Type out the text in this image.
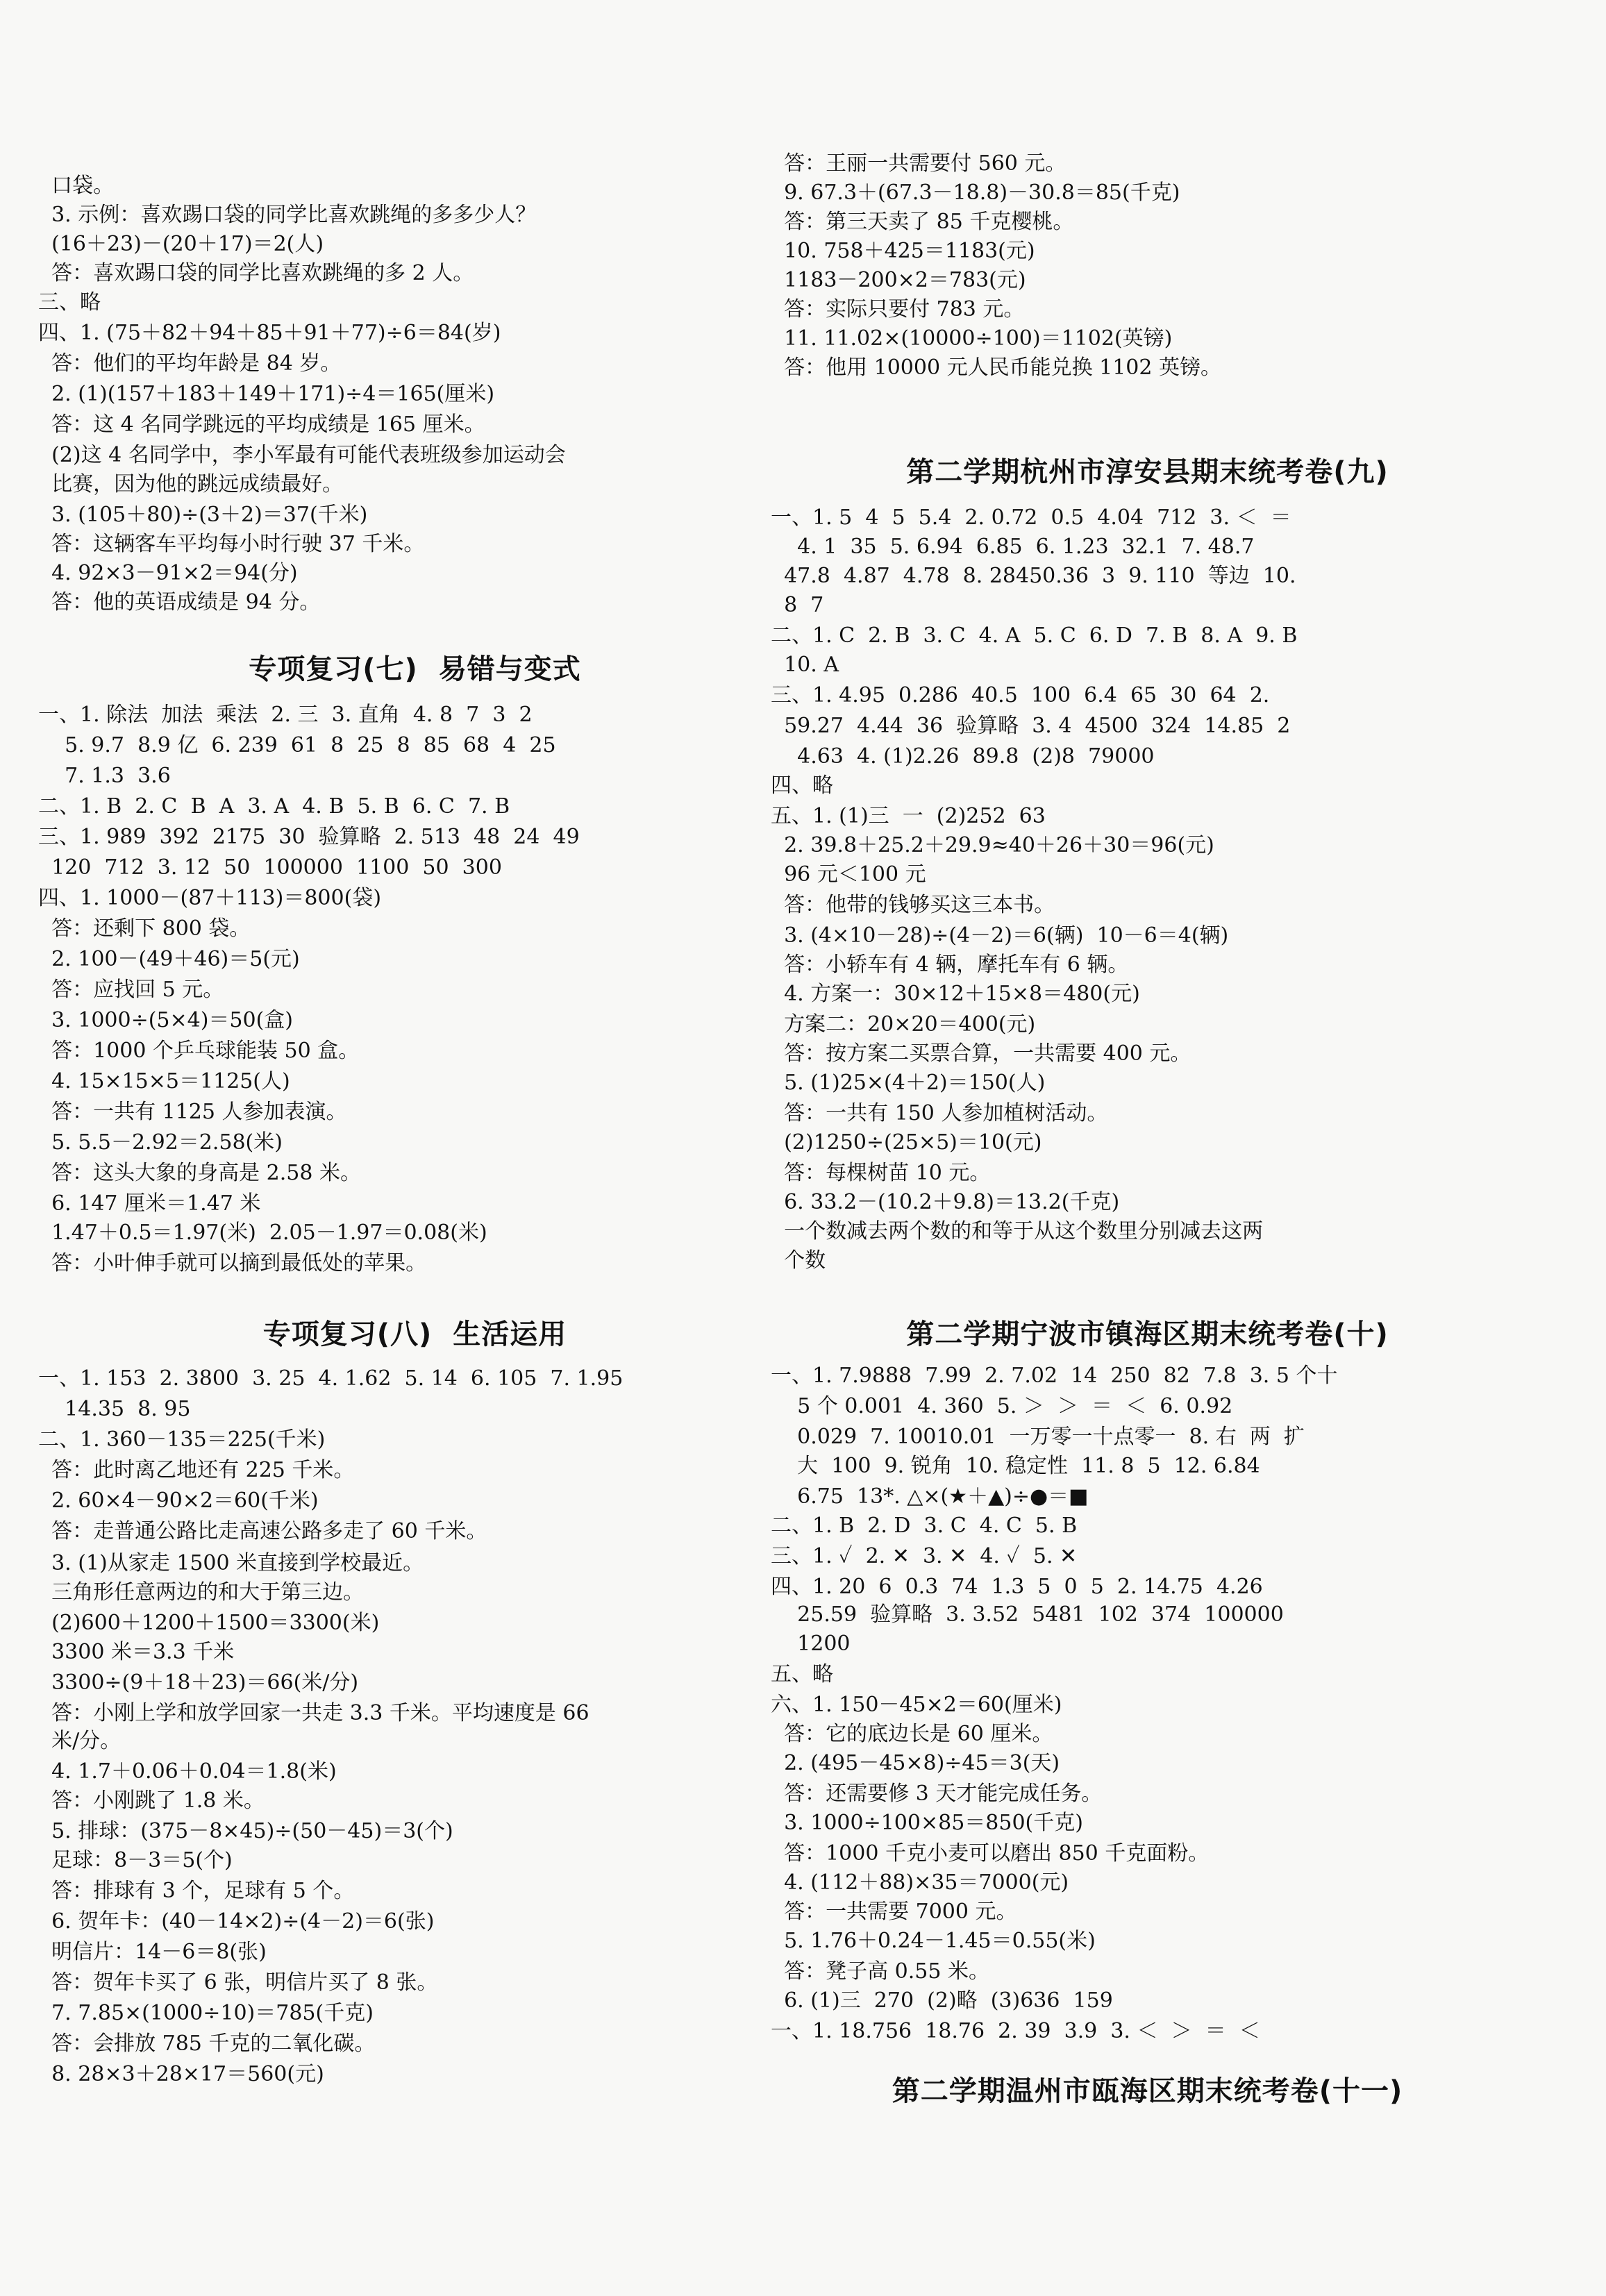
口袋。
3. 示例：喜欢踢口袋的同学比喜欢跳绳的多多少人？
(16＋23)－(20＋17)＝2(人)
答：喜欢踢口袋的同学比喜欢跳绳的多 2 人。
三、略
四、1. (75＋82＋94＋85＋91＋77)÷6＝84(岁)
答：他们的平均年龄是 84 岁。
2. (1)(157＋183＋149＋171)÷4＝165(厘米)
答：这 4 名同学跳远的平均成绩是 165 厘米。
(2)这 4 名同学中，李小军最有可能代表班级参加运动会
比赛，因为他的跳远成绩最好。
3. (105＋80)÷(3＋2)＝37(千米)
答：这辆客车平均每小时行驶 37 千米。
4. 92×3－91×2＝94(分)
答：他的英语成绩是 94 分。
一、1. 除法  加法  乘法  2. 三  3. 直角  4. 8  7  3  2
5. 9.7  8.9 亿  6. 239  61  8  25  8  85  68  4  25
7. 1.3  3.6
二、1. B  2. C  B  A  3. A  4. B  5. B  6. C  7. B
三、1. 989  392  2175  30  验算略  2. 513  48  24  49
120  712  3. 12  50  100000  1100  50  300
四、1. 1000－(87＋113)＝800(袋)
答：还剩下 800 袋。
2. 100－(49＋46)＝5(元)
答：应找回 5 元。
3. 1000÷(5×4)＝50(盒)
答：1000 个乒乓球能装 50 盒。
4. 15×15×5＝1125(人)
答：一共有 1125 人参加表演。
5. 5.5－2.92＝2.58(米)
答：这头大象的身高是 2.58 米。
6. 147 厘米＝1.47 米
1.47＋0.5＝1.97(米)  2.05－1.97＝0.08(米)
答：小叶伸手就可以摘到最低处的苹果。
一、1. 153  2. 3800  3. 25  4. 1.62  5. 14  6. 105  7. 1.95
14.35  8. 95
二、1. 360－135＝225(千米)
答：此时离乙地还有 225 千米。
2. 60×4－90×2＝60(千米)
答：走普通公路比走高速公路多走了 60 千米。
3. (1)从家走 1500 米直接到学校最近。
三角形任意两边的和大于第三边。
(2)600＋1200＋1500＝3300(米)
3300 米＝3.3 千米
3300÷(9＋18＋23)＝66(米/分)
答：小刚上学和放学回家一共走 3.3 千米。平均速度是 66
米/分。
4. 1.7＋0.06＋0.04＝1.8(米)
答：小刚跳了 1.8 米。
5. 排球：(375－8×45)÷(50－45)＝3(个)
足球：8－3＝5(个)
答：排球有 3 个，足球有 5 个。
6. 贺年卡：(40－14×2)÷(4－2)＝6(张)
明信片：14－6＝8(张)
答：贺年卡买了 6 张，明信片买了 8 张。
7. 7.85×(1000÷10)＝785(千克)
答：会排放 785 千克的二氧化碳。
8. 28×3＋28×17＝560(元)
专项复习(七)  易错与变式
专项复习(八)  生活运用
答：王丽一共需要付 560 元。
9. 67.3＋(67.3－18.8)－30.8＝85(千克)
答：第三天卖了 85 千克樱桃。
10. 758＋425＝1183(元)
1183－200×2＝783(元)
答：实际只要付 783 元。
11. 11.02×(10000÷100)＝1102(英镑)
答：他用 10000 元人民币能兑换 1102 英镑。
一、1. 5  4  5  5.4  2. 0.72  0.5  4.04  712  3. ＜  ＝
4. 1  35  5. 6.94  6.85  6. 1.23  32.1  7. 48.7
47.8  4.87  4.78  8. 28450.36  3  9. 110  等边  10.
8  7
二、1. C  2. B  3. C  4. A  5. C  6. D  7. B  8. A  9. B
10. A
三、1. 4.95  0.286  40.5  100  6.4  65  30  64  2.
59.27  4.44  36  验算略  3. 4  4500  324  14.85  2
4.63  4. (1)2.26  89.8  (2)8  79000
四、略
五、1. (1)三  一  (2)252  63
2. 39.8＋25.2＋29.9≈40＋26＋30＝96(元)
96 元＜100 元
答：他带的钱够买这三本书。
3. (4×10－28)÷(4－2)＝6(辆)  10－6＝4(辆)
答：小轿车有 4 辆，摩托车有 6 辆。
4. 方案一：30×12＋15×8＝480(元)
方案二：20×20＝400(元)
答：按方案二买票合算，一共需要 400 元。
5. (1)25×(4＋2)＝150(人)
答：一共有 150 人参加植树活动。
(2)1250÷(25×5)＝10(元)
答：每棵树苗 10 元。
6. 33.2－(10.2＋9.8)＝13.2(千克)
一个数减去两个数的和等于从这个数里分别减去这两
个数
一、1. 7.9888  7.99  2. 7.02  14  250  82  7.8  3. 5 个十
5 个 0.001  4. 360  5. ＞  ＞  ＝  ＜  6. 0.92
0.029  7. 10010.01  一万零一十点零一  8. 右  两  扩
大  100  9. 锐角  10. 稳定性  11. 8  5  12. 6.84
6.75  13*. △×(★＋▲)÷●＝■
二、1. B  2. D  3. C  4. C  5. B
三、1. ✓  2. ✕  3. ✕  4. ✓  5. ✕
四、1. 20  6  0.3  74  1.3  5  0  5  2. 14.75  4.26
25.59  验算略  3. 3.52  5481  102  374  100000
1200
五、略
六、1. 150－45×2＝60(厘米)
答：它的底边长是 60 厘米。
2. (495－45×8)÷45＝3(天)
答：还需要修 3 天才能完成任务。
3. 1000÷100×85＝850(千克)
答：1000 千克小麦可以磨出 850 千克面粉。
4. (112＋88)×35＝7000(元)
答：一共需要 7000 元。
5. 1.76＋0.24－1.45＝0.55(米)
答：凳子高 0.55 米。
6. (1)三  270  (2)略  (3)636  159
一、1. 18.756  18.76  2. 39  3.9  3. ＜  ＞  ＝  ＜
第二学期杭州市淳安县期末统考卷(九)
第二学期宁波市镇海区期末统考卷(十)
第二学期温州市瓯海区期末统考卷(十一)
